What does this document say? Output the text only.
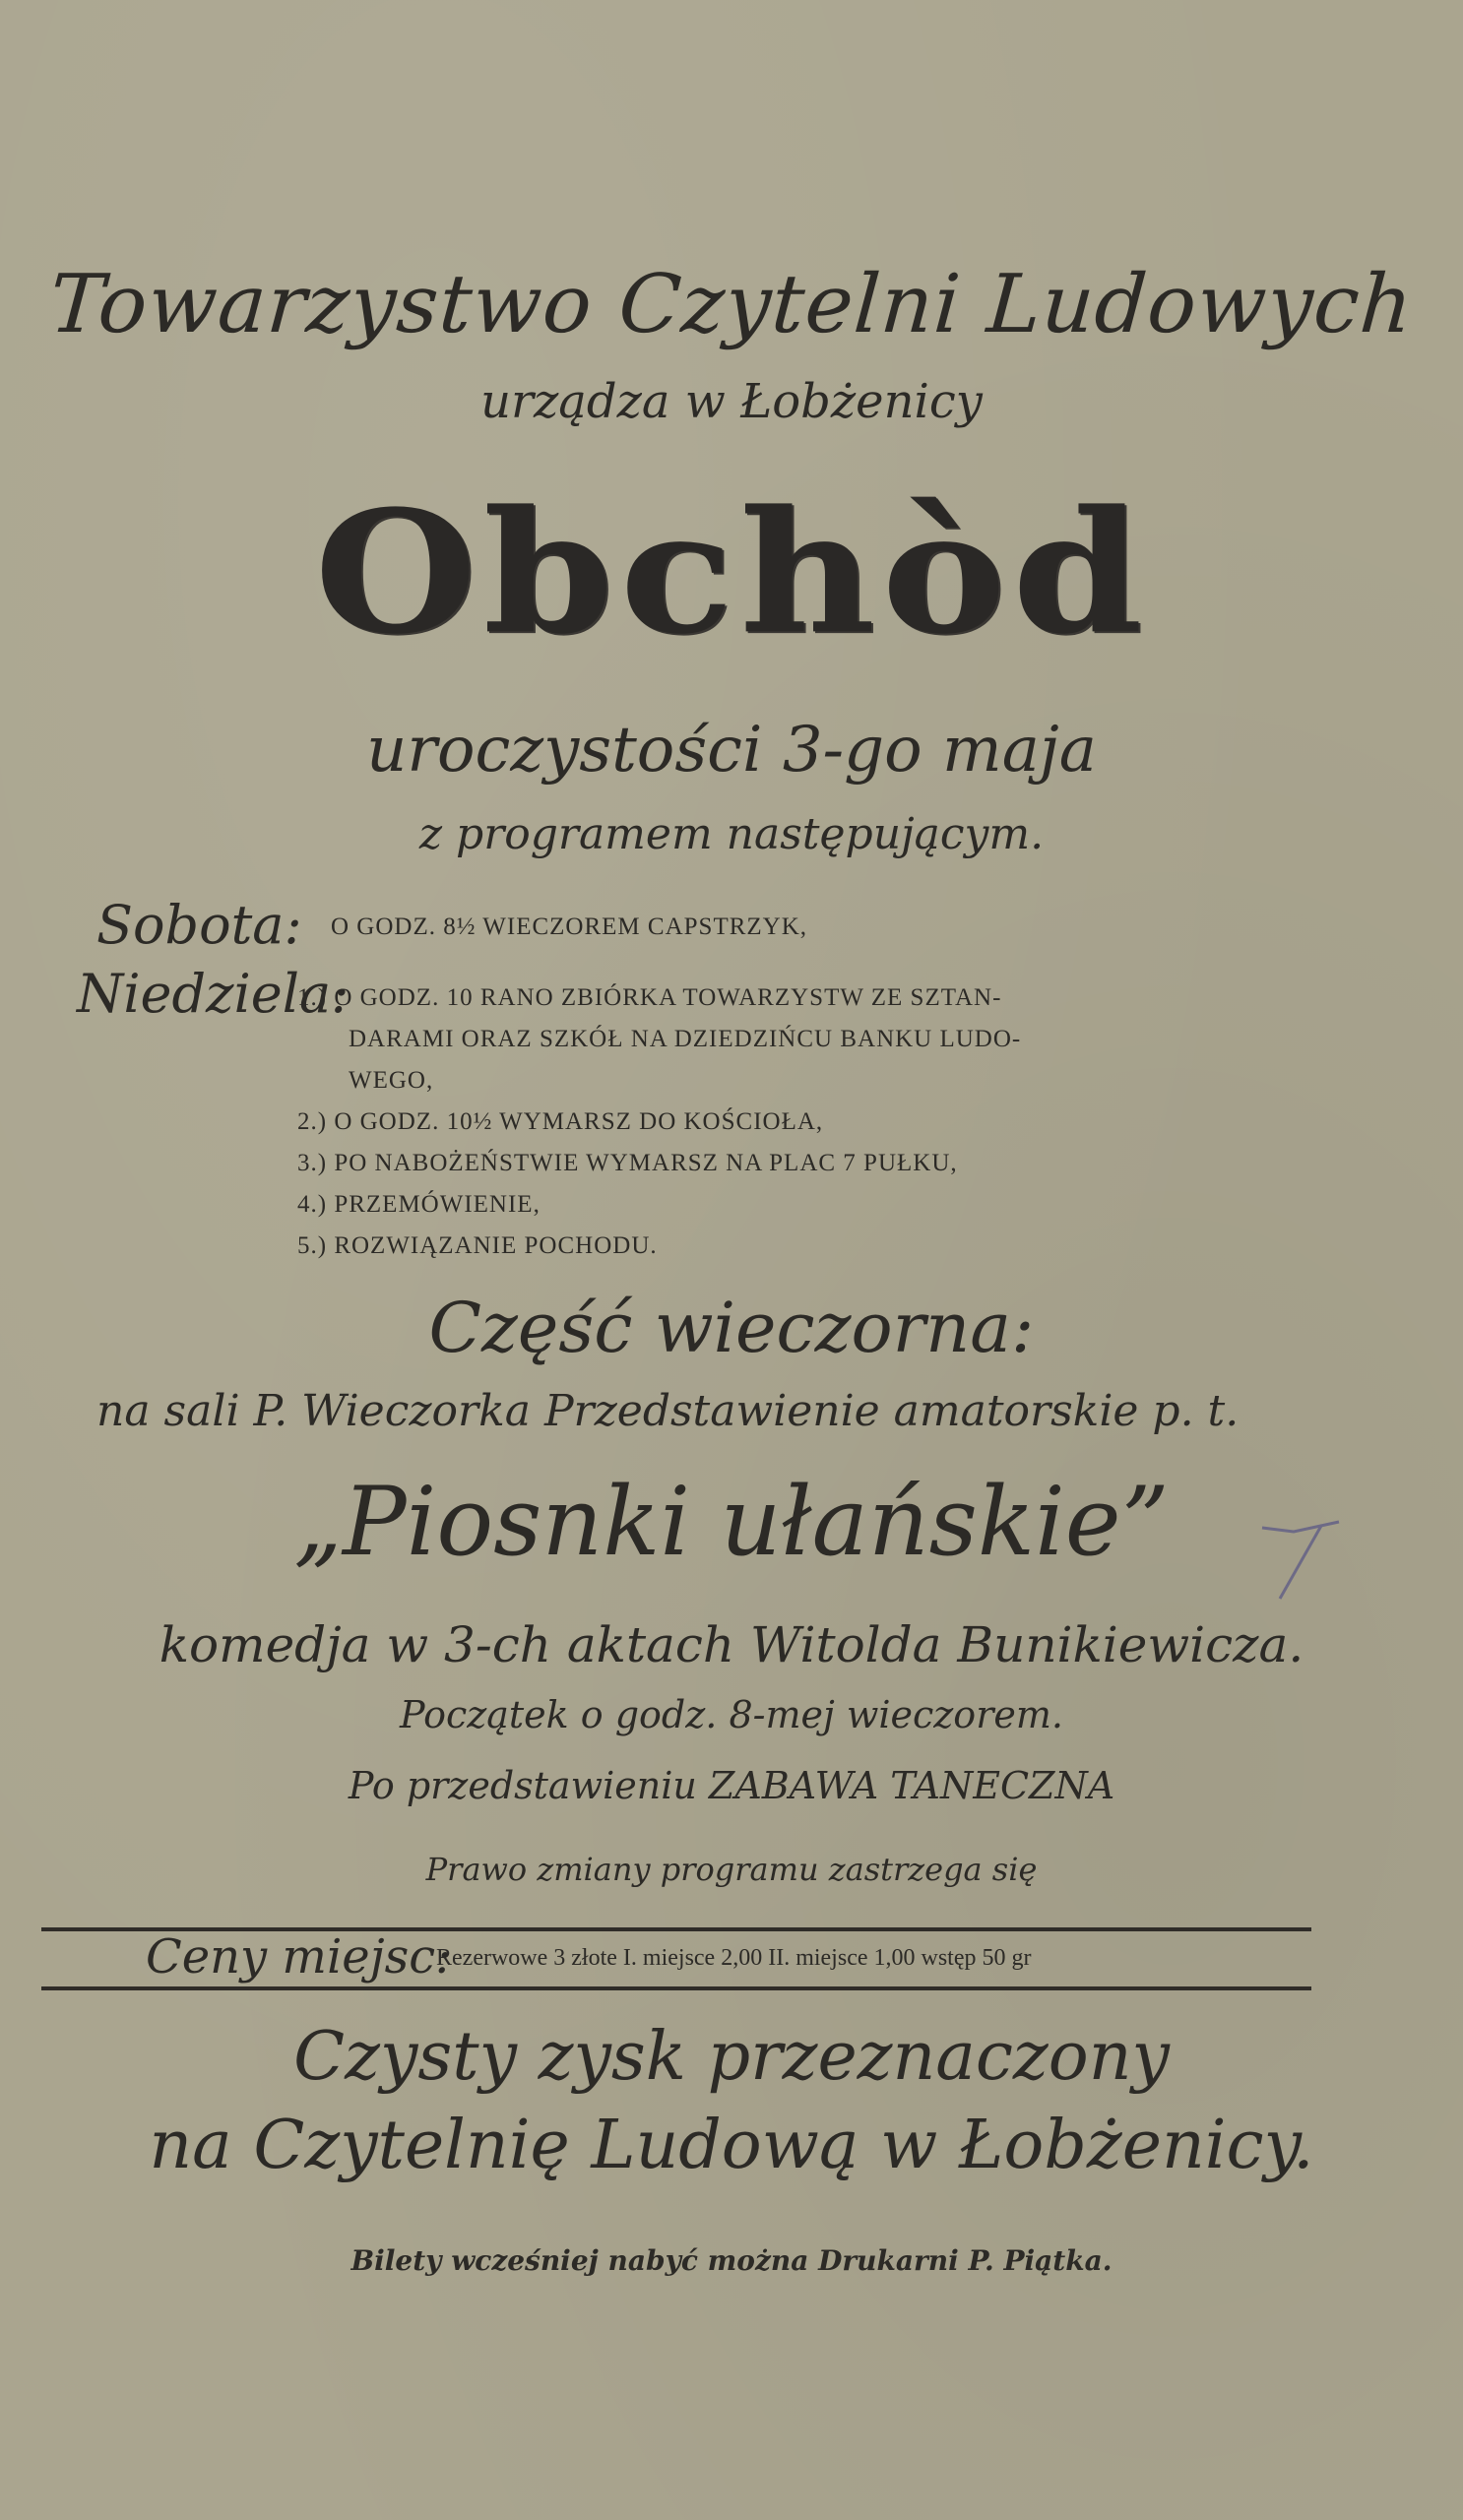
Towarzystwo Czytelni Ludowych
urządza w Łobżenicy
Obchòd
uroczystości 3-go maja
z programem następującym.
Sobota: O GODZ. 8½ WIECZOREM CAPSTRZYK,
Niedziela:
1.) O GODZ. 10 RANO ZBIÓRKA TOWARZYSTW ZE SZTAN-
DARAMI ORAZ SZKÓŁ NA DZIEDZIŃCU BANKU LUDO-
WEGO,
2.) O GODZ. 10½ WYMARSZ DO KOŚCIOŁA,
3.) PO NABOŻEŃSTWIE WYMARSZ NA PLAC 7 PUŁKU,
4.) PRZEMÓWIENIE,
5.) ROZWIĄZANIE POCHODU.
Część wieczorna:
na sali P. Wieczorka Przedstawienie amatorskie p. t.
„Piosnki ułańskie”
komedja w 3-ch aktach Witolda Bunikiewicza.
Początek o godz. 8-mej wieczorem.
Po przedstawieniu ZABAWA TANECZNA
Prawo zmiany programu zastrzega się
Ceny miejsc:
Rezerwowe 3 złote I. miejsce 2,00 II. miejsce 1,00 wstęp 50 gr
Czysty zysk przeznaczony
na Czytelnię Ludową w Łobżenicy.
Bilety wcześniej nabyć można Drukarni P. Piątka.
